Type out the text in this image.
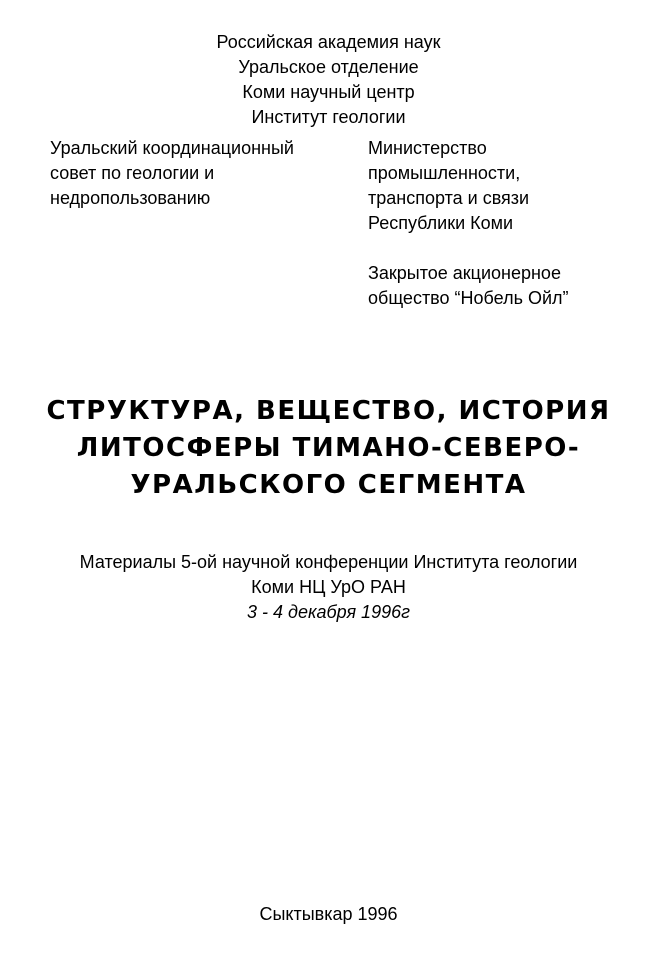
Российская академия наук
Уральское отделение
Коми научный центр
Институт геологии
Уральский координационный
совет по геологии и
недропользованию
Министерство
промышленности,
транспорта и связи
Республики Коми
Закрытое акционерное
общество “Нобель Ойл”
СТРУКТУРА, ВЕЩЕСТВО, ИСТОРИЯ
ЛИТОСФЕРЫ ТИМАНО-СЕВЕРО-
УРАЛЬСКОГО СЕГМЕНТА
Материалы 5-ой научной конференции Института геологии
Коми НЦ УрО РАН
3 - 4 декабря 1996г
Сыктывкар 1996
